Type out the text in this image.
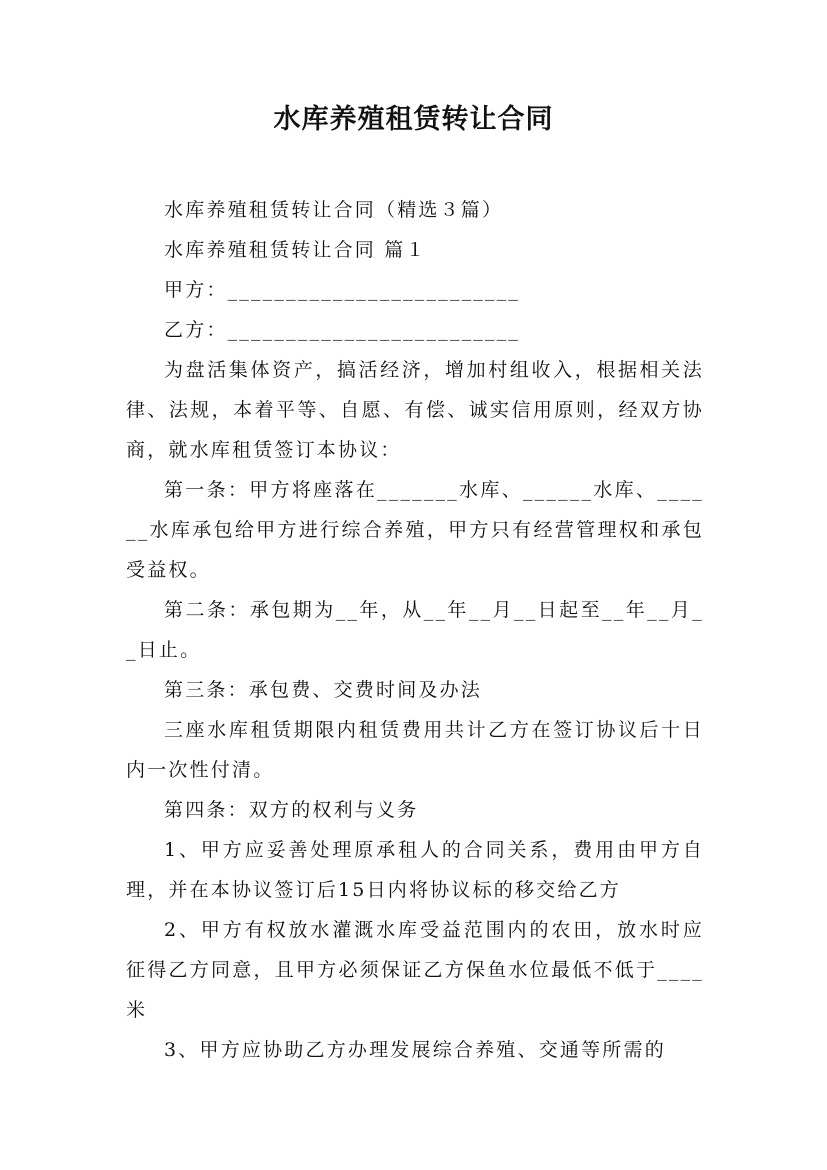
水库养殖租赁转让合同

水库养殖租赁转让合同（精选３篇）

水库养殖租赁转让合同 篇１

甲方：_________________________

乙方：_________________________

为盘活集体资产，搞活经济，增加村组收入，根据相关法律、法规，本着平等、自愿、有偿、诚实信用原则，经双方协商，就水库租赁签订本协议：

第一条：甲方将座落在_______水库、______水库、______水库承包给甲方进行综合养殖，甲方只有经营管理权和承包受益权。

第二条：承包期为__年，从__年__月__日起至__年__月__日止。

第三条：承包费、交费时间及办法

三座水库租赁期限内租赁费用共计乙方在签订协议后十日内一次性付清。

第四条：双方的权利与义务

1、甲方应妥善处理原承租人的合同关系，费用由甲方自理，并在本协议签订后15日内将协议标的移交给乙方

2、甲方有权放水灌溉水库受益范围内的农田，放水时应征得乙方同意，且甲方必须保证乙方保鱼水位最低不低于____米

3、甲方应协助乙方办理发展综合养殖、交通等所需的
